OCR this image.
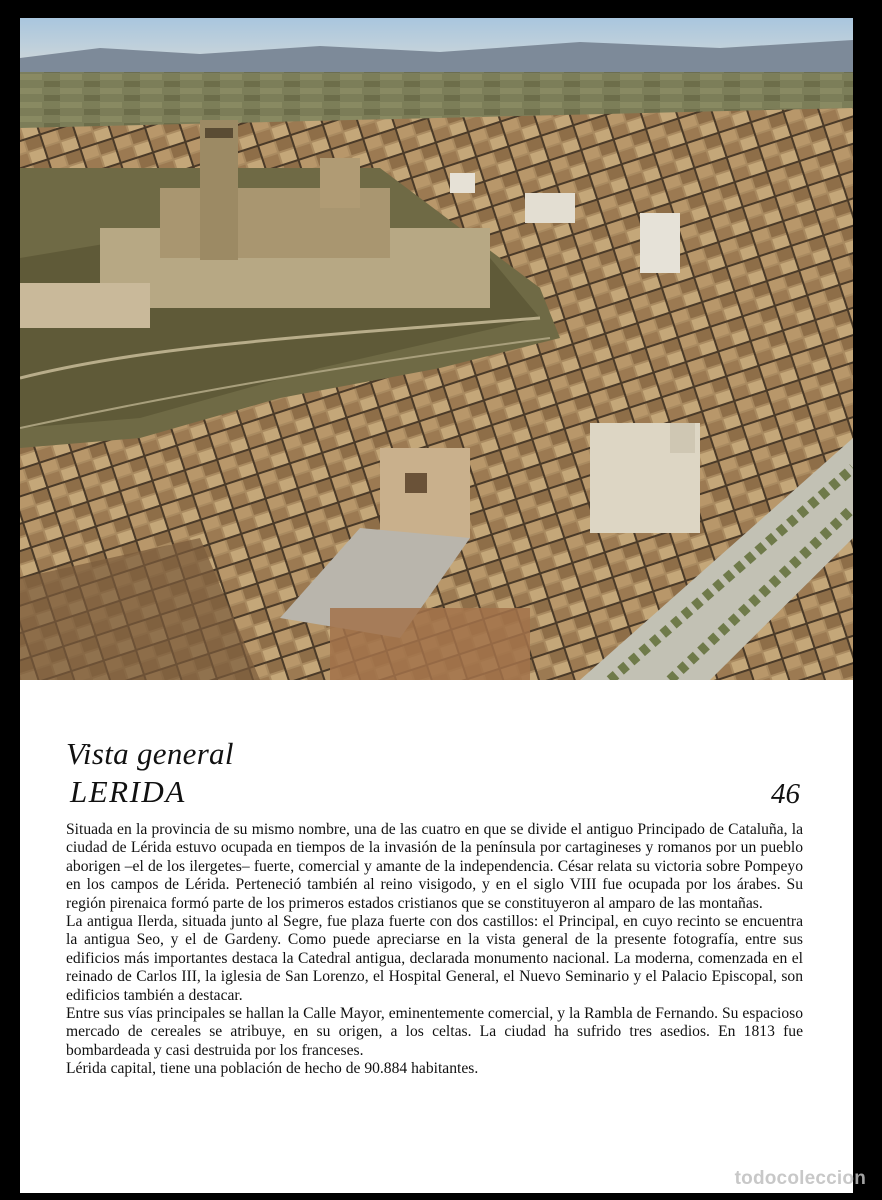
Vista general
LERIDA	46

Situada en la provincia de su mismo nombre, una de las cuatro en que se divide el antiguo Principado de Cataluña, la ciudad de Lérida estuvo ocupada en tiempos de la invasión de la península por cartagineses y romanos por un pueblo aborigen –el de los ilergetes– fuerte, comercial y amante de la independencia. César relata su victoria sobre Pompeyo en los campos de Lérida. Perteneció también al reino visigodo, y en el siglo VIII fue ocupada por los árabes. Su región pirenaica formó parte de los primeros estados cristianos que se constituyeron al amparo de las montañas.

La antigua Ilerda, situada junto al Segre, fue plaza fuerte con dos castillos: el Principal, en cuyo recinto se encuentra la antigua Seo, y el de Gardeny. Como puede apreciarse en la vista general de la presente fotografía, entre sus edificios más importantes destaca la Catedral antigua, declarada monumento nacional. La moderna, comenzada en el reinado de Carlos III, la iglesia de San Lorenzo, el Hospital General, el Nuevo Seminario y el Palacio Episcopal, son edificios también a destacar.

Entre sus vías principales se hallan la Calle Mayor, eminentemente comercial, y la Rambla de Fernando. Su espacioso mercado de cereales se atribuye, en su origen, a los celtas. La ciudad ha sufrido tres asedios. En 1813 fue bombardeada y casi destruida por los franceses.

Lérida capital, tiene una población de hecho de 90.884 habitantes.

todocoleccion
